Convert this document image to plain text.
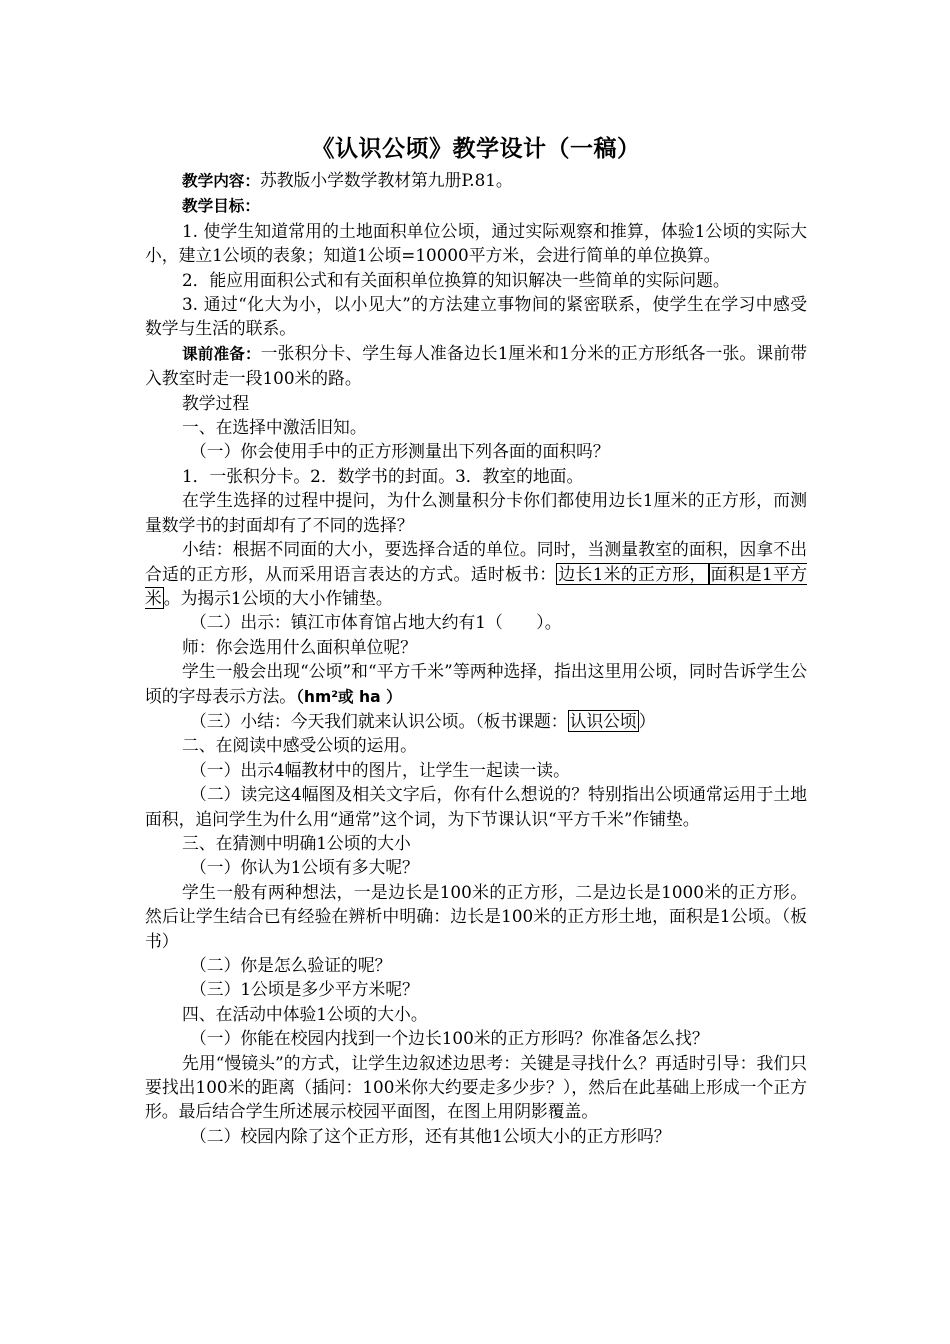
《认识公顷》教学设计（一稿）

教学内容：苏教版小学数学教材第九册P.81。

教学目标：

1. 使学生知道常用的土地面积单位公顷，通过实际观察和推算，体验1公顷的实际大小，建立1公顷的表象；知道1公顷=10000平方米，会进行简单的单位换算。

2．能应用面积公式和有关面积单位换算的知识解决一些简单的实际问题。

3. 通过“化大为小，以小见大”的方法建立事物间的紧密联系，使学生在学习中感受数学与生活的联系。

课前准备：一张积分卡、学生每人准备边长1厘米和1分米的正方形纸各一张。课前带入教室时走一段100米的路。

教学过程

一、在选择中激活旧知。

（一）你会使用手中的正方形测量出下列各面的面积吗？

1．一张积分卡。2．数学书的封面。3．教室的地面。

在学生选择的过程中提问，为什么测量积分卡你们都使用边长1厘米的正方形，而测量数学书的封面却有了不同的选择？

小结：根据不同面的大小，要选择合适的单位。同时，当测量教室的面积，因拿不出合适的正方形，从而采用语言表达的方式。适时板书： 边长1米的正方形， 面积是1平方米 。为揭示1公顷的大小作铺垫。

（二）出示：镇江市体育馆占地大约有1（　　）。

师：你会选用什么面积单位呢？

学生一般会出现“公顷”和“平方千米”等两种选择，指出这里用公顷，同时告诉学生公顷的字母表示方法。（hm²或 ha ）

（三）小结：今天我们就来认识公顷。（板书课题： 认识公顷 ）

二、在阅读中感受公顷的运用。

（一）出示4幅教材中的图片，让学生一起读一读。

（二）读完这4幅图及相关文字后，你有什么想说的？特别指出公顷通常运用于土地面积，追问学生为什么用“通常”这个词，为下节课认识“平方千米”作铺垫。

三、在猜测中明确1公顷的大小

（一）你认为1公顷有多大呢？

学生一般有两种想法，一是边长是100米的正方形，二是边长是1000米的正方形。然后让学生结合已有经验在辨析中明确：边长是100米的正方形土地，面积是1公顷。（板书）

（二）你是怎么验证的呢？

（三）1公顷是多少平方米呢？

四、在活动中体验1公顷的大小。

（一）你能在校园内找到一个边长100米的正方形吗？你准备怎么找？

先用“慢镜头”的方式，让学生边叙述边思考：关键是寻找什么？再适时引导：我们只要找出100米的距离（插问：100米你大约要走多少步？），然后在此基础上形成一个正方形。最后结合学生所述展示校园平面图，在图上用阴影覆盖。

（二）校园内除了这个正方形，还有其他1公顷大小的正方形吗？
